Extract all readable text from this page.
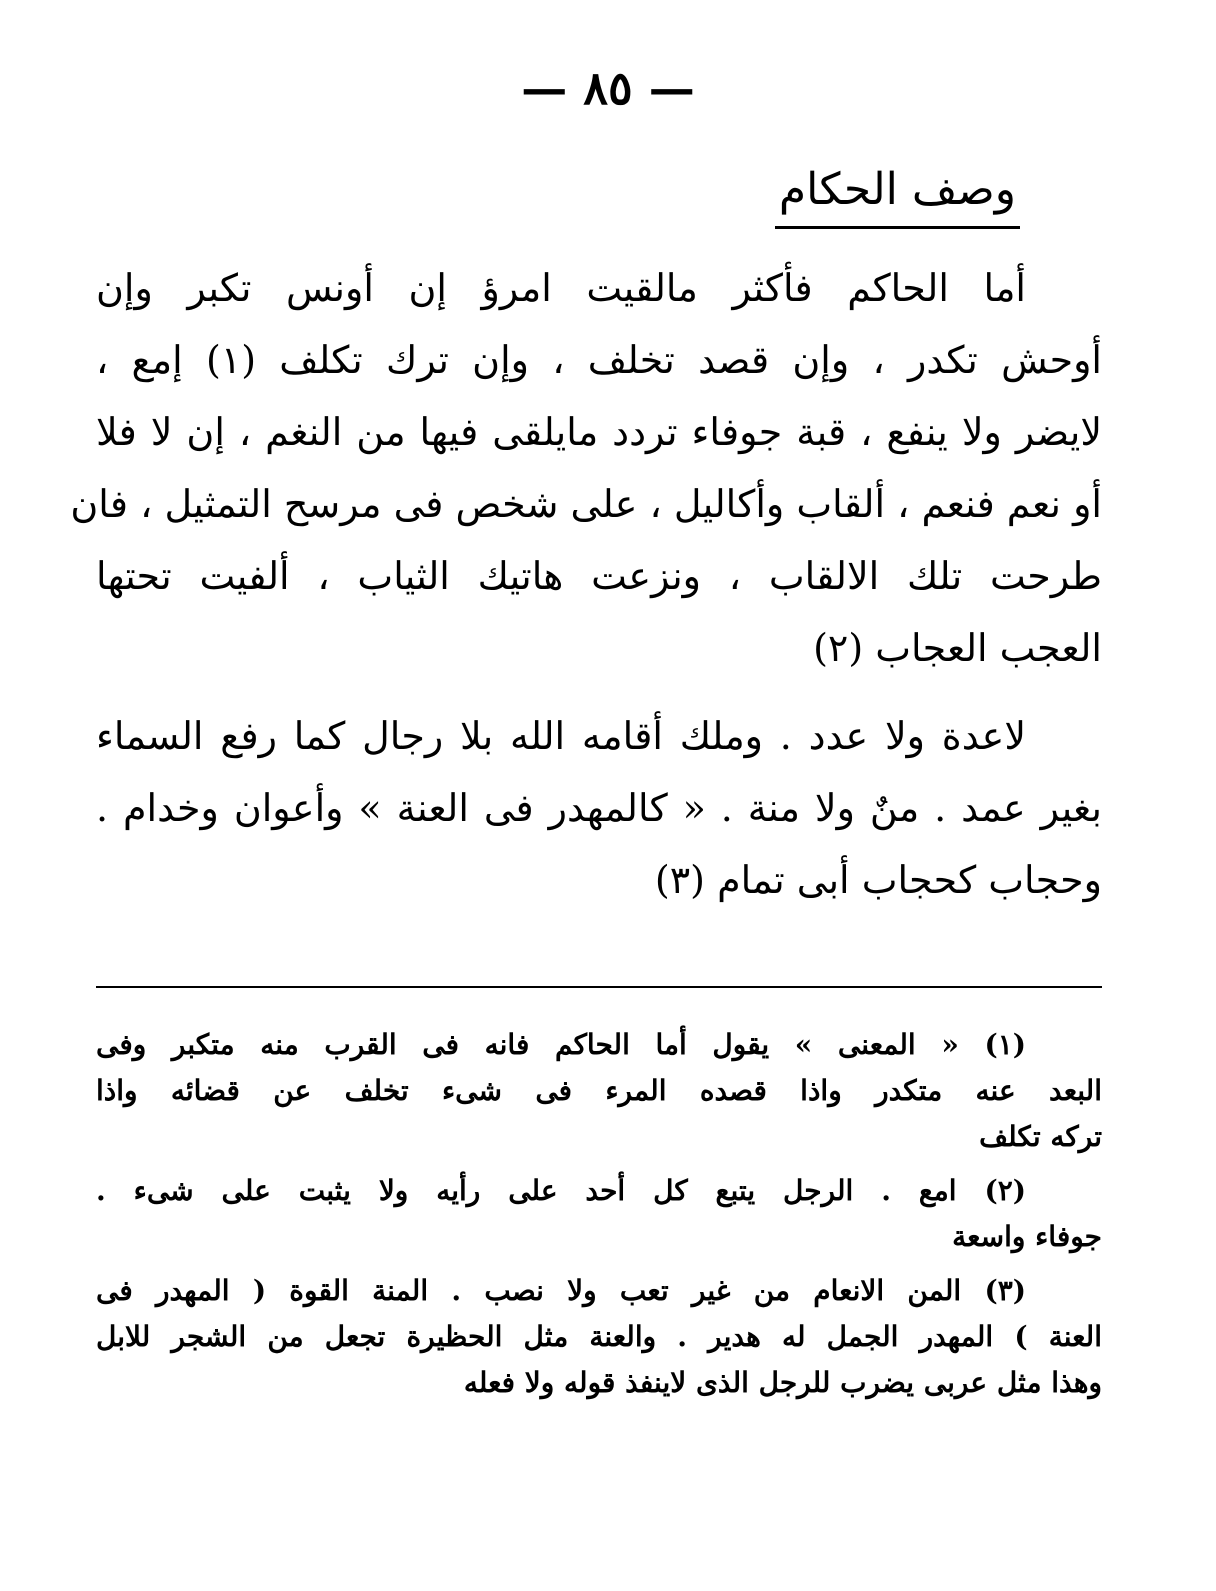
— ٨٥ —
وصف الحكام
أما الحاكم فأكثر مالقيت امرؤ إن أونس تكبر وإن
أوحش تكدر ، وإن قصد تخلف ، وإن ترك تكلف (١) إمع ،
لايضر ولا ينفع ، قبة جوفاء تردد مايلقى فيها من النغم ، إن لا فلا
أو نعم فنعم ، ألقاب وأكاليل ، على شخص فى مرسح التمثيل ، فان
طرحت تلك الالقاب ، ونزعت هاتيك الثياب ، ألفيت تحتها
العجب العجاب (٢)
لاعدة ولا عدد . وملك أقامه الله بلا رجال كما رفع السماء
بغير عمد . منٌ ولا منة . « كالمهدر فى العنة » وأعوان وخدام .
وحجاب كحجاب أبى تمام (٣)
(١) « المعنى » يقول أما الحاكم فانه فى القرب منه متكبر وفى
البعد عنه متكدر واذا قصده المرء فى شىء تخلف عن قضائه واذا
تركه تكلف
(٢) امع . الرجل يتبع كل أحد على رأيه ولا يثبت على شىء .
جوفاء واسعة
(٣) المن الانعام من غير تعب ولا نصب . المنة القوة ( المهدر فى
العنة ) المهدر الجمل له هدير . والعنة مثل الحظيرة تجعل من الشجر للابل
وهذا مثل عربى يضرب للرجل الذى لاينفذ قوله ولا فعله
